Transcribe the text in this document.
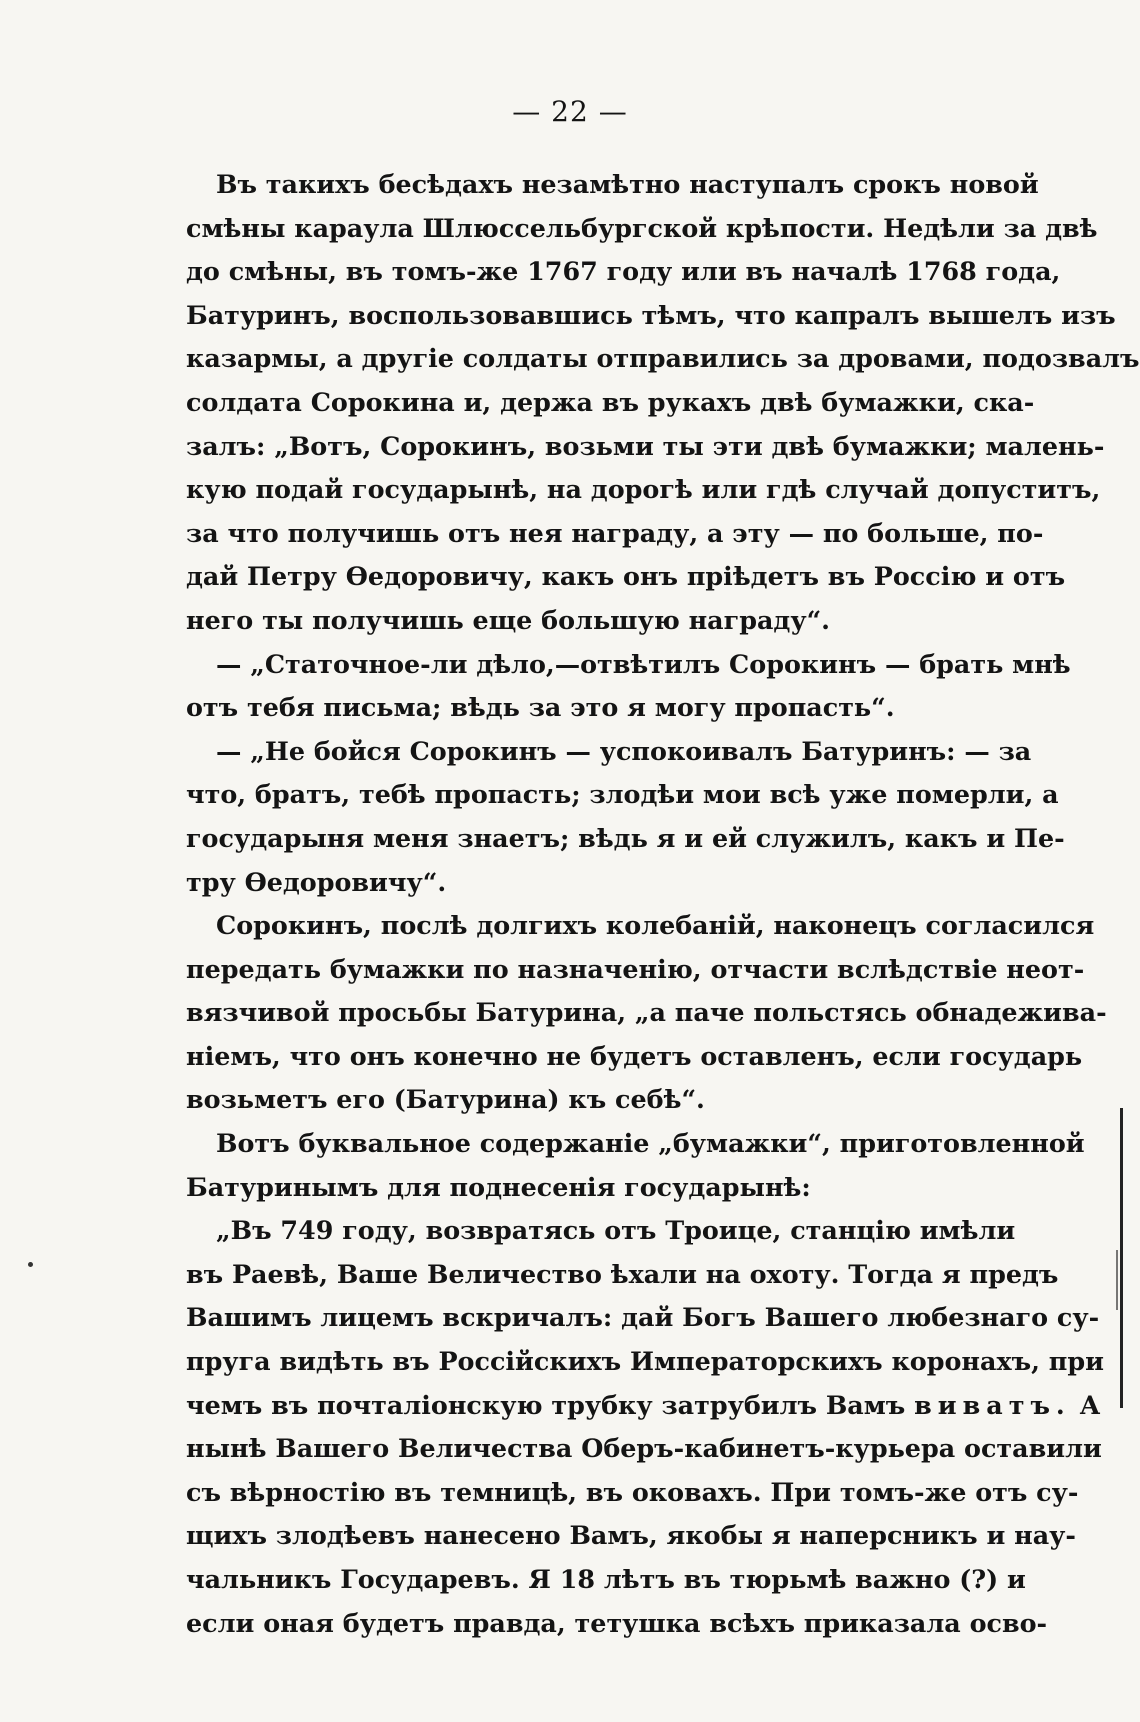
— 22 —
Въ такихъ бесѣдахъ незамѣтно наступалъ срокъ новой
смѣны караула Шлюссельбургской крѣпости. Недѣли за двѣ
до смѣны, въ томъ-же 1767 году или въ началѣ 1768 года,
Батуринъ, воспользовавшись тѣмъ, что капралъ вышелъ изъ
казармы, а другіе солдаты отправились за дровами, подозвалъ
солдата Сорокина и, держа въ рукахъ двѣ бумажки, ска-
залъ: „Вотъ, Сорокинъ, возьми ты эти двѣ бумажки; малень-
кую подай государынѣ, на дорогѣ или гдѣ случай допуститъ,
за что получишь отъ нея награду, а эту — по больше, по-
дай Петру Өедоровичу, какъ онъ пріѣдетъ въ Россію и отъ
него ты получишь еще большую награду“.
— „Статочное-ли дѣло,—отвѣтилъ Сорокинъ — брать мнѣ
отъ тебя письма; вѣдь за это я могу пропасть“.
— „Не бойся Сорокинъ — успокоивалъ Батуринъ: — за
что, братъ, тебѣ пропасть; злодѣи мои всѣ уже померли, а
государыня меня знаетъ; вѣдь я и ей служилъ, какъ и Пе-
тру Өедоровичу“.
Сорокинъ, послѣ долгихъ колебаній, наконецъ согласился
передать бумажки по назначенію, отчасти вслѣдствіе неот-
вязчивой просьбы Батурина, „а паче польстясь обнадежива-
ніемъ, что онъ конечно не будетъ оставленъ, если государь
возьметъ его (Батурина) къ себѣ“.
Вотъ буквальное содержаніе „бумажки“, приготовленной
Батуринымъ для поднесенія государынѣ:
„Въ 749 году, возвратясь отъ Троице, станцію имѣли
въ Раевѣ, Ваше Величество ѣхали на охоту. Тогда я предъ
Вашимъ лицемъ вскричалъ: дай Богъ Вашего любезнаго су-
пруга видѣть въ Россійскихъ Императорскихъ коронахъ, при
чемъ въ почталіонскую трубку затрубилъ Вамъ виватъ. А
нынѣ Вашего Величества Оберъ-кабинетъ-курьера оставили
съ вѣрностію въ темницѣ, въ оковахъ. При томъ-же отъ су-
щихъ злодѣевъ нанесено Вамъ, якобы я наперсникъ и нау-
чальникъ Государевъ. Я 18 лѣтъ въ тюрьмѣ важно (?) и
если оная будетъ правда, тетушка всѣхъ приказала осво-
